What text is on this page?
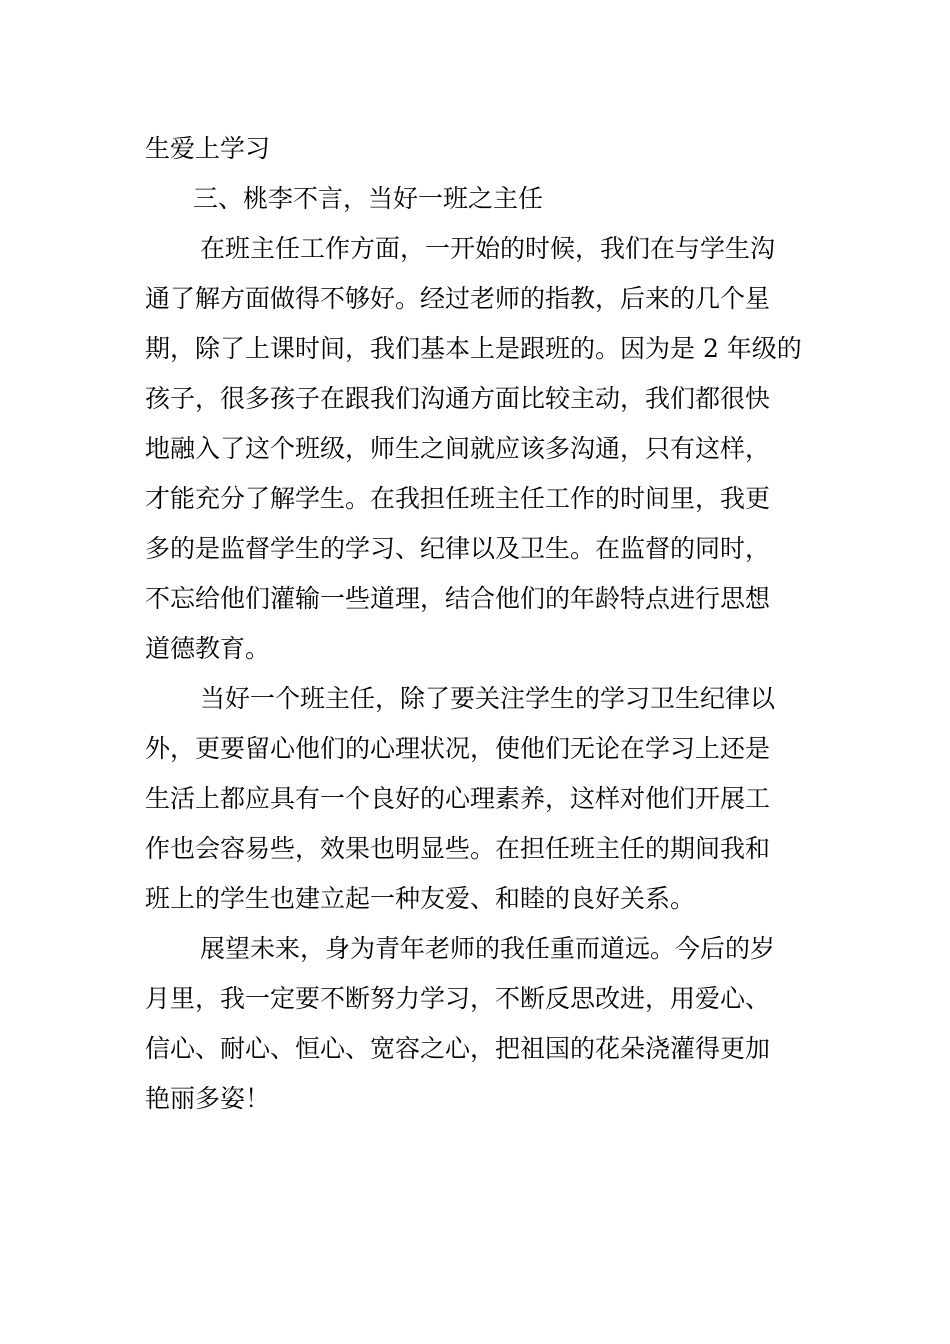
生爱上学习
三、桃李不言，当好一班之主任
在班主任工作方面，一开始的时候，我们在与学生沟
通了解方面做得不够好。经过老师的指教，后来的几个星
期，除了上课时间，我们基本上是跟班的。因为是 2 年级的
孩子，很多孩子在跟我们沟通方面比较主动，我们都很快
地融入了这个班级，师生之间就应该多沟通，只有这样，
才能充分了解学生。在我担任班主任工作的时间里，我更
多的是监督学生的学习、纪律以及卫生。在监督的同时，
不忘给他们灌输一些道理，结合他们的年龄特点进行思想
道德教育。
当好一个班主任，除了要关注学生的学习卫生纪律以
外，更要留心他们的心理状况，使他们无论在学习上还是
生活上都应具有一个良好的心理素养，这样对他们开展工
作也会容易些，效果也明显些。在担任班主任的期间我和
班上的学生也建立起一种友爱、和睦的良好关系。
展望未来，身为青年老师的我任重而道远。今后的岁
月里，我一定要不断努力学习，不断反思改进，用爱心、
信心、耐心、恒心、宽容之心，把祖国的花朵浇灌得更加
艳丽多姿！
